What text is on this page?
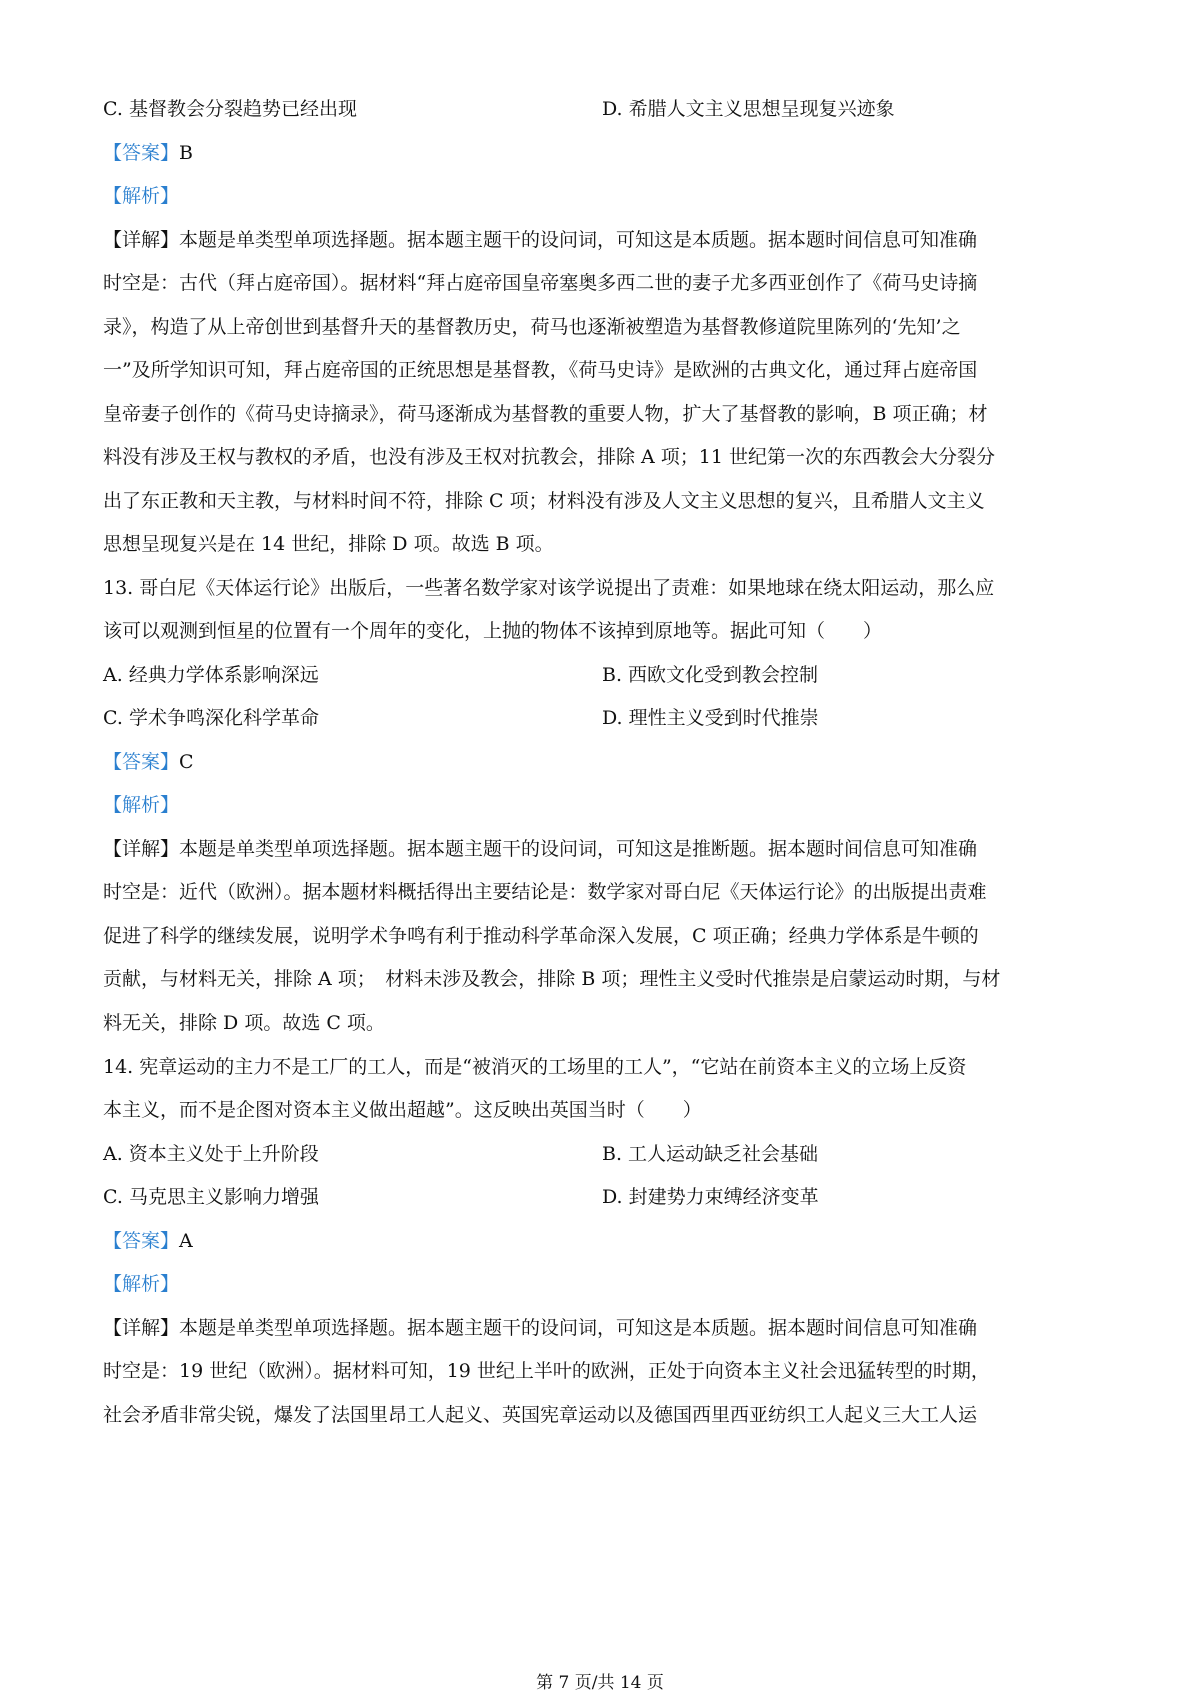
C. 基督教会分裂趋势已经出现	D. 希腊人文主义思想呈现复兴迹象
【答案】B
【解析】
【详解】本题是单类型单项选择题。据本题主题干的设问词，可知这是本质题。据本题时间信息可知准确
时空是：古代（拜占庭帝国）。据材料“拜占庭帝国皇帝塞奥多西二世的妻子尤多西亚创作了《荷马史诗摘
录》，构造了从上帝创世到基督升天的基督教历史，荷马也逐渐被塑造为基督教修道院里陈列的‘先知’之
一”及所学知识可知，拜占庭帝国的正统思想是基督教，《荷马史诗》是欧洲的古典文化，通过拜占庭帝国
皇帝妻子创作的《荷马史诗摘录》，荷马逐渐成为基督教的重要人物，扩大了基督教的影响，B 项正确；材
料没有涉及王权与教权的矛盾，也没有涉及王权对抗教会，排除 A 项；11 世纪第一次的东西教会大分裂分
出了东正教和天主教，与材料时间不符，排除 C 项；材料没有涉及人文主义思想的复兴，且希腊人文主义
思想呈现复兴是在 14 世纪，排除 D 项。故选 B 项。
13. 哥白尼《天体运行论》出版后，一些著名数学家对该学说提出了责难：如果地球在绕太阳运动，那么应
该可以观测到恒星的位置有一个周年的变化，上抛的物体不该掉到原地等。据此可知（　　）
A. 经典力学体系影响深远	B. 西欧文化受到教会控制
C. 学术争鸣深化科学革命	D. 理性主义受到时代推崇
【答案】C
【解析】
【详解】本题是单类型单项选择题。据本题主题干的设问词，可知这是推断题。据本题时间信息可知准确
时空是：近代（欧洲）。据本题材料概括得出主要结论是：数学家对哥白尼《天体运行论》的出版提出责难
促进了科学的继续发展，说明学术争鸣有利于推动科学革命深入发展，C 项正确；经典力学体系是牛顿的
贡献，与材料无关，排除 A 项；　材料未涉及教会，排除 B 项；理性主义受时代推崇是启蒙运动时期，与材
料无关，排除 D 项。故选 C 项。
14. 宪章运动的主力不是工厂的工人，而是“被消灭的工场里的工人”，“它站在前资本主义的立场上反资
本主义，而不是企图对资本主义做出超越”。这反映出英国当时（　　）
A. 资本主义处于上升阶段	B. 工人运动缺乏社会基础
C. 马克思主义影响力增强	D. 封建势力束缚经济变革
【答案】A
【解析】
【详解】本题是单类型单项选择题。据本题主题干的设问词，可知这是本质题。据本题时间信息可知准确
时空是：19 世纪（欧洲）。据材料可知，19 世纪上半叶的欧洲，正处于向资本主义社会迅猛转型的时期，
社会矛盾非常尖锐，爆发了法国里昂工人起义、英国宪章运动以及德国西里西亚纺织工人起义三大工人运
第 7 页/共 14 页
